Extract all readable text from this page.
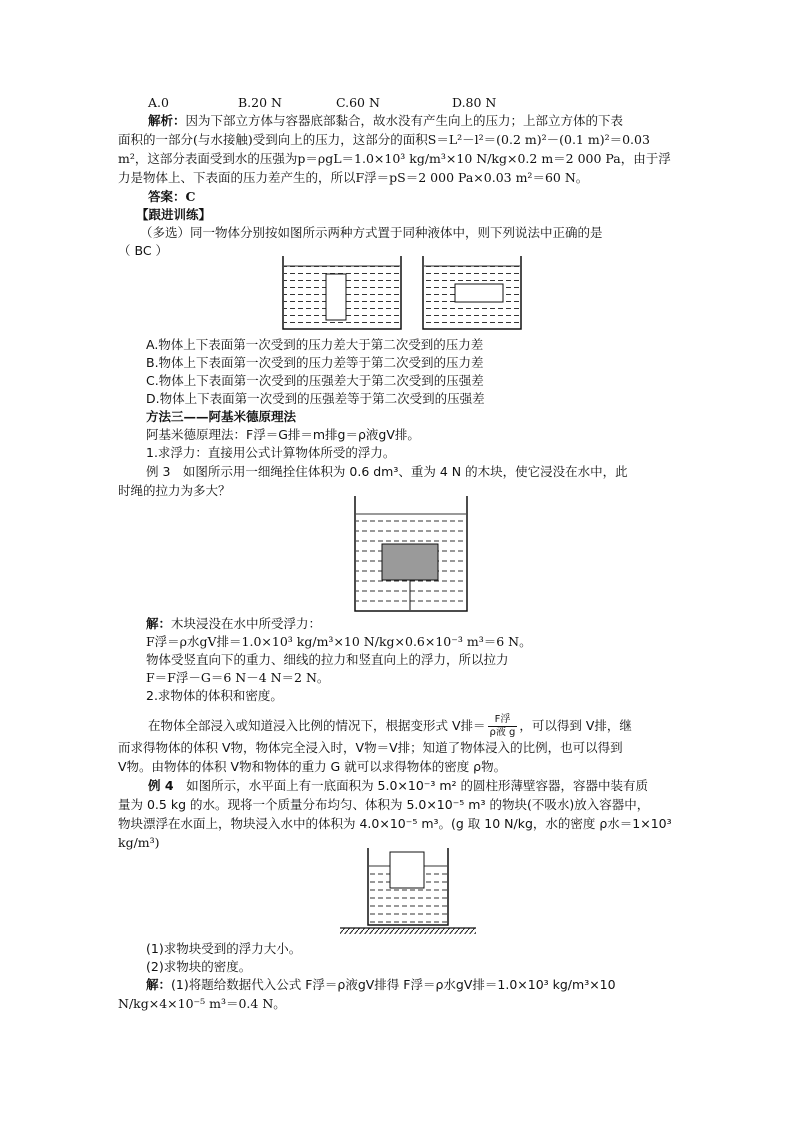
A.0	B.20 N	C.60 N	D.80 N
解析：因为下部立方体与容器底部黏合，故水没有产生向上的压力；上部立方体的下表
面积的一部分(与水接触)受到向上的压力，这部分的面积S＝L²－l²＝(0.2 m)²－(0.1 m)²＝0.03
m²，这部分表面受到水的压强为p＝ρgL＝1.0×10³ kg/m³×10 N/kg×0.2 m＝2 000 Pa，由于浮
力是物体上、下表面的压力差产生的，所以F浮＝pS＝2 000 Pa×0.03 m²＝60 N。
答案：C
【跟进训练】
（多选）同一物体分别按如图所示两种方式置于同种液体中，则下列说法中正确的是
（ BC ）
A.物体上下表面第一次受到的压力差大于第二次受到的压力差
B.物体上下表面第一次受到的压力差等于第二次受到的压力差
C.物体上下表面第一次受到的压强差大于第二次受到的压强差
D.物体上下表面第一次受到的压强差等于第二次受到的压强差
方法三——阿基米德原理法
阿基米德原理法：F浮＝G排＝m排g＝ρ液gV排。
1.求浮力：直接用公式计算物体所受的浮力。
例 3　如图所示用一细绳拴住体积为 0.6 dm³、重为 4 N 的木块，使它浸没在水中，此
时绳的拉力为多大？
解：木块浸没在水中所受浮力：
F浮＝ρ水gV排＝1.0×10³ kg/m³×10 N/kg×0.6×10⁻³ m³＝6 N。
物体受竖直向下的重力、细线的拉力和竖直向上的浮力，所以拉力
F＝F浮－G＝6 N－4 N＝2 N。
2.求物体的体积和密度。
在物体全部浸入或知道浸入比例的情况下，根据变形式 V排＝ F浮
ρ液 g ，可以得到 V排，继
而求得物体的体积 V物，物体完全浸入时，V物＝V排；知道了物体浸入的比例，也可以得到
V物。由物体的体积 V物和物体的重力 G 就可以求得物体的密度 ρ物。
例 4　如图所示，水平面上有一底面积为 5.0×10⁻³ m² 的圆柱形薄壁容器，容器中装有质
量为 0.5 kg 的水。现将一个质量分布均匀、体积为 5.0×10⁻⁵ m³ 的物块(不吸水)放入容器中，
物块漂浮在水面上，物块浸入水中的体积为 4.0×10⁻⁵ m³。(g 取 10 N/kg，水的密度 ρ水＝1×10³
kg/m³)
(1)求物块受到的浮力大小。
(2)求物块的密度。
解：(1)将题给数据代入公式 F浮＝ρ液gV排得 F浮＝ρ水gV排＝1.0×10³ kg/m³×10
N/kg×4×10⁻⁵ m³＝0.4 N。
